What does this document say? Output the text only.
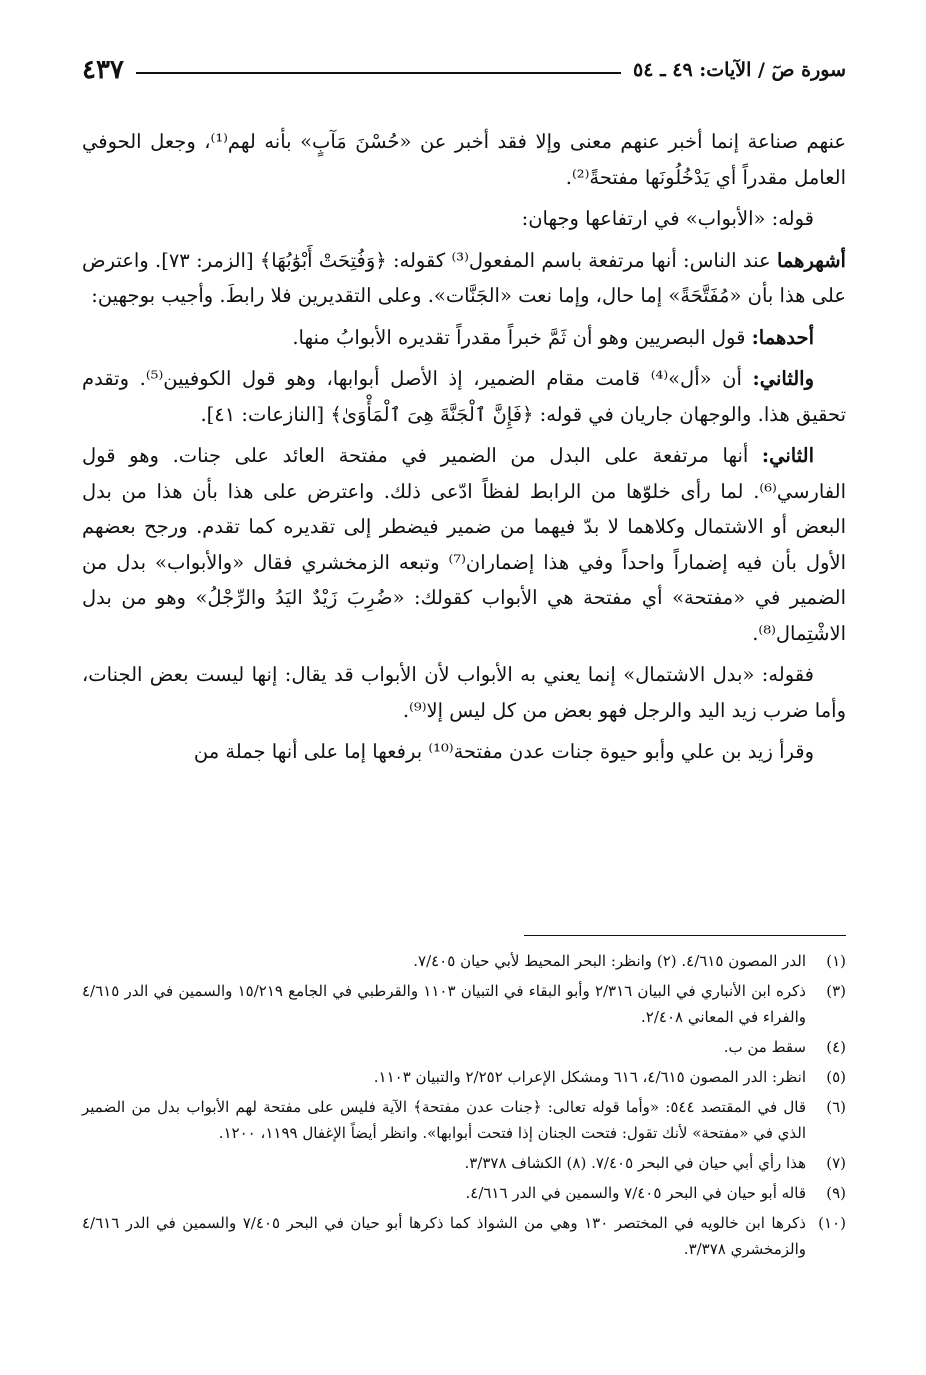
سورة صٓ / الآيات: ٤٩ ـ ٥٤
٤٣٧

عنهم صناعة إنما أخبر عنهم معنى وإلا فقد أخبر عن «حُسْنَ مَآبٍ» بأنه لهم⁽¹⁾، وجعل الحوفي العامل مقدراً أي يَدْخُلُونَها مفتحةً⁽²⁾.

قوله: «الأبواب» في ارتفاعها وجهان:

أشهرهما عند الناس: أنها مرتفعة باسم المفعول⁽³⁾ كقوله: ﴿وَفُتِحَتْ أَبْوَٰبُهَا﴾ [الزمر: ٧٣]. واعترض على هذا بأن «مُفَتَّحَةً» إما حال، وإما نعت «الجَنَّات». وعلى التقديرين فلا رابطَ. وأجيب بوجهين:

أحدهما: قول البصريين وهو أن ثَمَّ خبراً مقدراً تقديره الأبوابُ منها.

والثاني: أن «أل»⁽⁴⁾ قامت مقام الضمير، إذ الأصل أبوابها، وهو قول الكوفيين⁽⁵⁾. وتقدم تحقيق هذا. والوجهان جاريان في قوله: ﴿فَإِنَّ ٱلْجَنَّةَ هِىَ ٱلْمَأْوَىٰ﴾ [النازعات: ٤١].

الثاني: أنها مرتفعة على البدل من الضمير في مفتحة العائد على جنات. وهو قول الفارسي⁽⁶⁾. لما رأى خلوّها من الرابط لفظاً ادّعى ذلك. واعترض على هذا بأن هذا من بدل البعض أو الاشتمال وكلاهما لا بدّ فيهما من ضمير فيضطر إلى تقديره كما تقدم. ورجح بعضهم الأول بأن فيه إضماراً واحداً وفي هذا إضماران⁽⁷⁾ وتبعه الزمخشري فقال «والأبواب» بدل من الضمير في «مفتحة» أي مفتحة هي الأبواب كقولك: «ضُرِبَ زَيْدٌ اليَدُ والرِّجْلُ» وهو من بدل الاشْتِمال⁽⁸⁾.

فقوله: «بدل الاشتمال» إنما يعني به الأبواب لأن الأبواب قد يقال: إنها ليست بعض الجنات، وأما ضرب زيد اليد والرجل فهو بعض من كل ليس إلا⁽⁹⁾.

وقرأ زيد بن علي وأبو حيوة جنات عدن مفتحة⁽¹⁰⁾ برفعها إما على أنها جملة من

(١)
الدر المصون ٤/٦١٥. (٢) وانظر: البحر المحيط لأبي حيان ٧/٤٠٥.
(٣)
ذكره ابن الأنباري في البيان ٢/٣١٦ وأبو البقاء في التبيان ١١٠٣ والقرطبي في الجامع ١٥/٢١٩ والسمين في الدر ٤/٦١٥ والفراء في المعاني ٢/٤٠٨.
(٤)
سقط من ب.
(٥)
انظر: الدر المصون ٤/٦١٥، ٦١٦ ومشكل الإعراب ٢/٢٥٢ والتبيان ١١٠٣.
(٦)
قال في المقتصد ٥٤٤: «وأما قوله تعالى: ﴿جنات عدن مفتحة﴾ الآية فليس على مفتحة لهم الأبواب بدل من الضمير الذي في «مفتحة» لأنك تقول: فتحت الجنان إذا فتحت أبوابها». وانظر أيضاً الإغفال ١١٩٩، ١٢٠٠.
(٧)
هذا رأي أبي حيان في البحر ٧/٤٠٥. (٨) الكشاف ٣/٣٧٨.
(٩)
قاله أبو حيان في البحر ٧/٤٠٥ والسمين في الدر ٤/٦١٦.
(١٠)
ذكرها ابن خالويه في المختصر ١٣٠ وهي من الشواذ كما ذكرها أبو حيان في البحر ٧/٤٠٥ والسمين في الدر ٤/٦١٦ والزمخشري ٣/٣٧٨.
